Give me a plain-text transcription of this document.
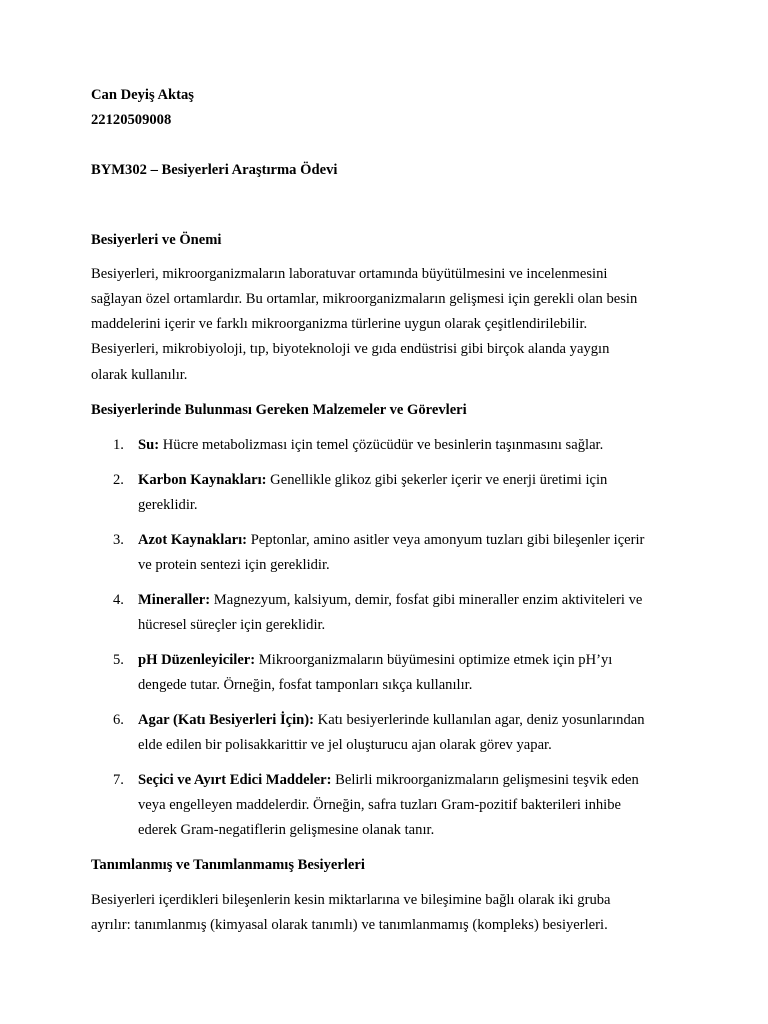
Can Deyiş Aktaş
22120509008
BYM302 – Besiyerleri Araştırma Ödevi
Besiyerleri ve Önemi
Besiyerleri, mikroorganizmaların laboratuvar ortamında büyütülmesini ve incelenmesini
sağlayan özel ortamlardır. Bu ortamlar, mikroorganizmaların gelişmesi için gerekli olan besin
maddelerini içerir ve farklı mikroorganizma türlerine uygun olarak çeşitlendirilebilir.
Besiyerleri, mikrobiyoloji, tıp, biyoteknoloji ve gıda endüstrisi gibi birçok alanda yaygın
olarak kullanılır.
Besiyerlerinde Bulunması Gereken Malzemeler ve Görevleri
1. Su: Hücre metabolizması için temel çözücüdür ve besinlerin taşınmasını sağlar.
2. Karbon Kaynakları: Genellikle glikoz gibi şekerler içerir ve enerji üretimi için
gereklidir.
3. Azot Kaynakları: Peptonlar, amino asitler veya amonyum tuzları gibi bileşenler içerir
ve protein sentezi için gereklidir.
4. Mineraller: Magnezyum, kalsiyum, demir, fosfat gibi mineraller enzim aktiviteleri ve
hücresel süreçler için gereklidir.
5. pH Düzenleyiciler: Mikroorganizmaların büyümesini optimize etmek için pH’yı
dengede tutar. Örneğin, fosfat tamponları sıkça kullanılır.
6. Agar (Katı Besiyerleri İçin): Katı besiyerlerinde kullanılan agar, deniz yosunlarından
elde edilen bir polisakkarittir ve jel oluşturucu ajan olarak görev yapar.
7. Seçici ve Ayırt Edici Maddeler: Belirli mikroorganizmaların gelişmesini teşvik eden
veya engelleyen maddelerdir. Örneğin, safra tuzları Gram-pozitif bakterileri inhibe
ederek Gram-negatiflerin gelişmesine olanak tanır.
Tanımlanmış ve Tanımlanmamış Besiyerleri
Besiyerleri içerdikleri bileşenlerin kesin miktarlarına ve bileşimine bağlı olarak iki gruba
ayrılır: tanımlanmış (kimyasal olarak tanımlı) ve tanımlanmamış (kompleks) besiyerleri.
